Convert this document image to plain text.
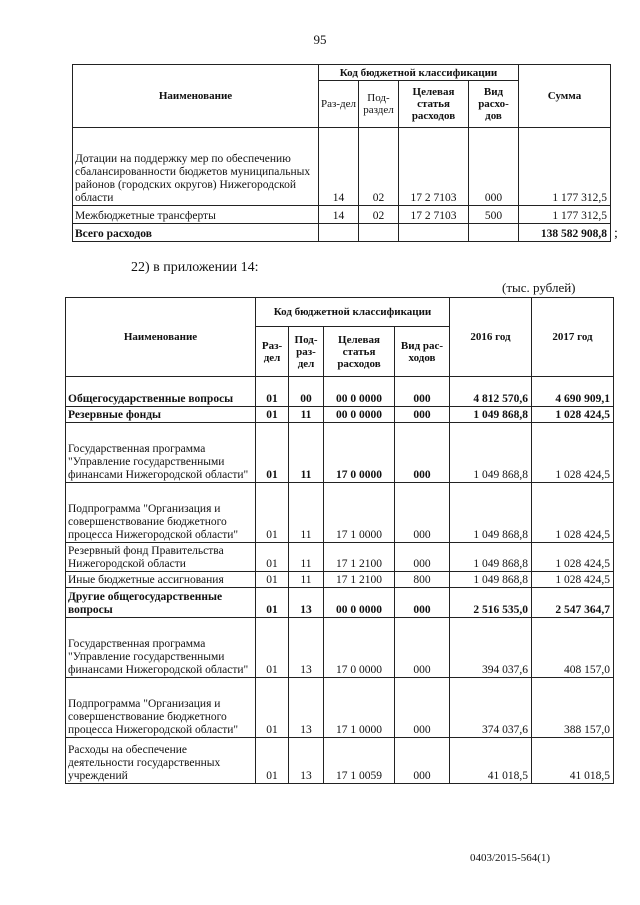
95
Наименование	Код бюджетной классификации				Сумма
	Раз-дел	Под-раздел	Целевая статья расходов	Вид расхо-дов	
Дотации на поддержку мер по обеспечению сбалансированности бюджетов муниципальных районов (городских округов) Нижегородской области	14	02	17 2 7103	000	1 177 312,5
Межбюджетные трансферты	14	02	17 2 7103	500	1 177 312,5
Всего расходов					138 582 908,8 ;
22) в приложении 14:
(тыс. рублей)
Наименование	Код бюджетной классификации				2016 год	2017 год
	Раз-дел	Под-раз-дел	Целевая статья расходов	Вид рас-ходов		
Общегосударственные вопросы	01	00	00 0 0000	000	4 812 570,6	4 690 909,1
Резервные фонды	01	11	00 0 0000	000	1 049 868,8	1 028 424,5
Государственная программа "Управление государственными финансами Нижегородской области"	01	11	17 0 0000	000	1 049 868,8	1 028 424,5
Подпрограмма "Организация и совершенствование бюджетного процесса Нижегородской области"	01	11	17 1 0000	000	1 049 868,8	1 028 424,5
Резервный фонд Правительства Нижегородской области	01	11	17 1 2100	000	1 049 868,8	1 028 424,5
Иные бюджетные ассигнования	01	11	17 1 2100	800	1 049 868,8	1 028 424,5
Другие общегосударственные вопросы	01	13	00 0 0000	000	2 516 535,0	2 547 364,7
Государственная программа "Управление государственными финансами Нижегородской области"	01	13	17 0 0000	000	394 037,6	408 157,0
Подпрограмма "Организация и совершенствование бюджетного процесса Нижегородской области"	01	13	17 1 0000	000	374 037,6	388 157,0
Расходы на обеспечение деятельности государственных учреждений	01	13	17 1 0059	000	41 018,5	41 018,5
0403/2015-564(1)
